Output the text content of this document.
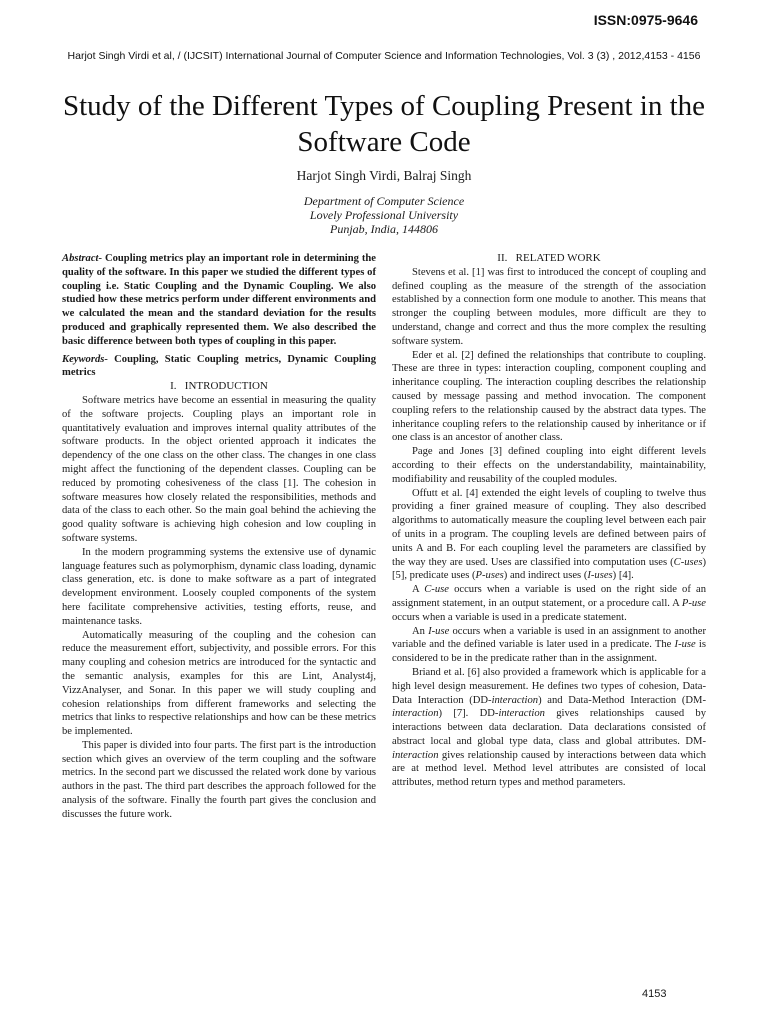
ISSN:0975-9646
Harjot Singh Virdi et al, / (IJCSIT) International Journal of Computer Science and Information Technologies, Vol. 3 (3) , 2012,4153 - 4156
Study of the Different Types of Coupling Present in the Software Code
Harjot Singh Virdi, Balraj Singh
Department of Computer Science
Lovely Professional University
Punjab, India, 144806

Abstract- Coupling metrics play an important role in determining the quality of the software. In this paper we studied the different types of coupling i.e. Static Coupling and the Dynamic Coupling. We also studied how these metrics perform under different environments and we calculated the mean and the standard deviation for the results produced and graphically represented them. We also described the basic difference between both types of coupling in this paper.

Keywords- Coupling, Static Coupling metrics, Dynamic Coupling metrics

I. INTRODUCTION

Software metrics have become an essential in measuring the quality of the software projects. Coupling plays an important role in quantitatively evaluation and improves internal quality attributes of the software products. In the object oriented approach it indicates the dependency of the one class on the other class. The changes in one class might affect the functioning of the dependent classes. Coupling can be reduced by promoting cohesiveness of the class [1]. The cohesion in software measures how closely related the responsibilities, methods and data of the class to each other. So the main goal behind the achieving the good quality software is achieving high cohesion and low coupling in software systems.

In the modern programming systems the extensive use of dynamic language features such as polymorphism, dynamic class loading, dynamic class generation, etc. is done to make software as a part of integrated development environment. Loosely coupled components of the system here facilitate comprehensive activities, testing efforts, reuse, and maintenance tasks.

Automatically measuring of the coupling and the cohesion can reduce the measurement effort, subjectivity, and possible errors. For this many coupling and cohesion metrics are introduced for the syntactic and the semantic analysis, examples for this are Lint, Analyst4j, VizzAnalyser, and Sonar. In this paper we will study coupling and cohesion relationships from different frameworks and selecting the metrics that links to respective relationships and how can be these metrics be implemented.

This paper is divided into four parts. The first part is the introduction section which gives an overview of the term coupling and the software metrics. In the second part we discussed the related work done by various authors in the past. The third part describes the approach followed for the analysis of the software. Finally the fourth part gives the conclusion and discusses the future work.

II. RELATED WORK

Stevens et al. [1] was first to introduced the concept of coupling and defined coupling as the measure of the strength of the association established by a connection form one module to another. This means that stronger the coupling between modules, more difficult are they to understand, change and correct and thus the more complex the resulting software system.

Eder et al. [2] defined the relationships that contribute to coupling. These are three in types: interaction coupling, component coupling and inheritance coupling. The interaction coupling describes the relationship caused by message passing and method invocation. The component coupling refers to the relationship caused by the abstract data types. The inheritance coupling refers to the relationship caused by inheritance or if one class is an ancestor of another class.

Page and Jones [3] defined coupling into eight different levels according to their effects on the understandability, maintainability, modifiability and reusability of the coupled modules.

Offutt et al. [4] extended the eight levels of coupling to twelve thus providing a finer grained measure of coupling. They also described algorithms to automatically measure the coupling level between each pair of units in a program. The coupling levels are defined between pairs of units A and B. For each coupling level the parameters are classified by the way they are used. Uses are classified into computation uses (C-uses) [5], predicate uses (P-uses) and indirect uses (I-uses) [4].

A C-use occurs when a variable is used on the right side of an assignment statement, in an output statement, or a procedure call. A P-use occurs when a variable is used in a predicate statement.

An I-use occurs when a variable is used in an assignment to another variable and the defined variable is later used in a predicate. The I-use is considered to be in the predicate rather than in the assignment.

Briand et al. [6] also provided a framework which is applicable for a high level design measurement. He defines two types of cohesion, Data-Data Interaction (DD-interaction) and Data-Method Interaction (DM-interaction) [7]. DD-interaction gives relationships caused by interactions between data declaration. Data declarations consisted of abstract local and global type data, class and global attributes. DM-interaction gives relationship caused by interactions between data which are at method level. Method level attributes are consisted of local attributes, method return types and method parameters.

4153
